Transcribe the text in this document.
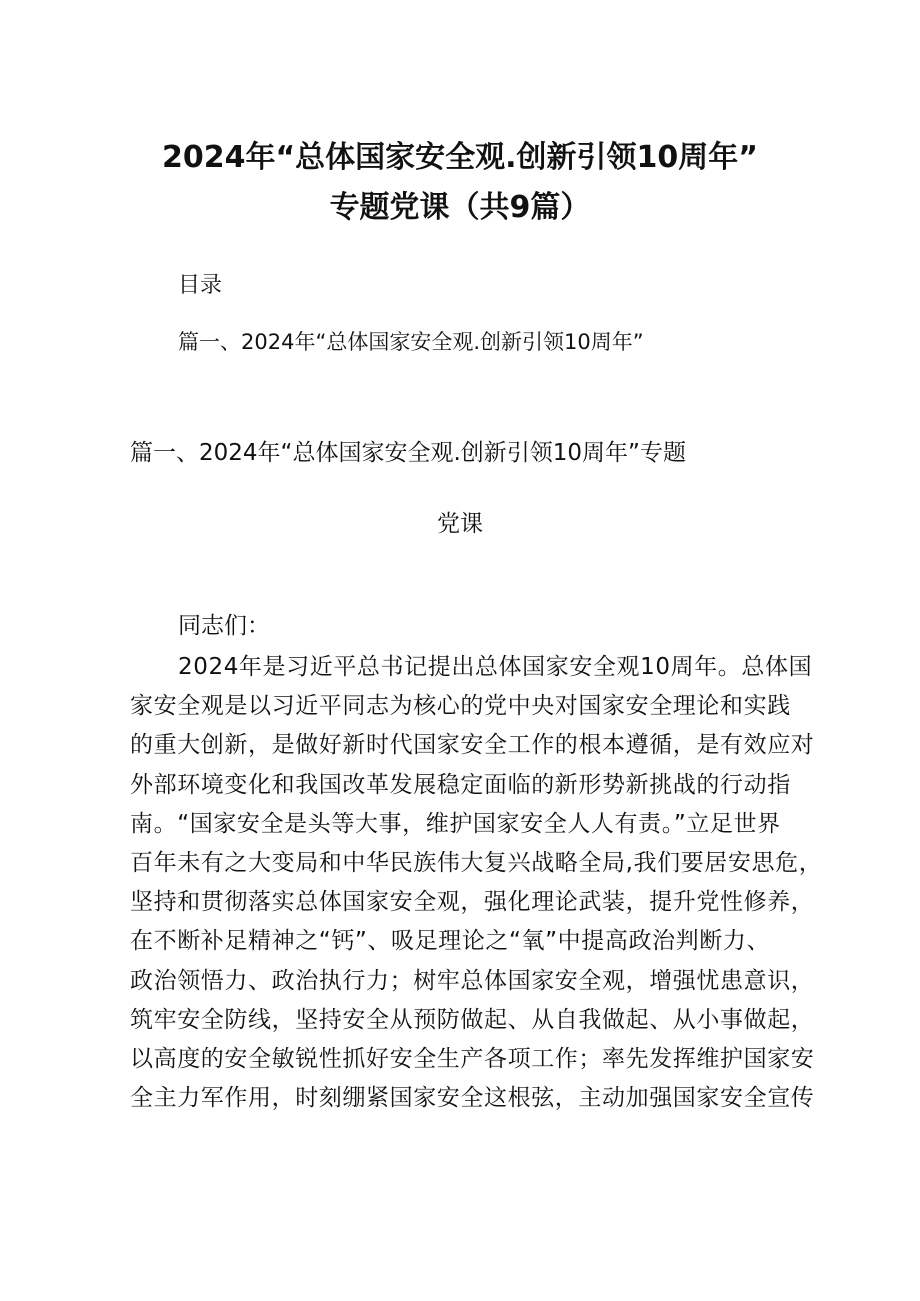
2024年“总体国家安全观.创新引领10周年”
专题党课（共9篇）

目录

篇一、2024年“总体国家安全观.创新引领10周年”

篇一、2024年“总体国家安全观.创新引领10周年”专题

党课

同志们：

2024年是习近平总书记提出总体国家安全观10周年。总体国
家安全观是以习近平同志为核心的党中央对国家安全理论和实践
的重大创新，是做好新时代国家安全工作的根本遵循，是有效应对
外部环境变化和我国改革发展稳定面临的新形势新挑战的行动指
南。“国家安全是头等大事，维护国家安全人人有责。”立足世界
百年未有之大变局和中华民族伟大复兴战略全局,我们要居安思危，
坚持和贯彻落实总体国家安全观，强化理论武装，提升党性修养，
在不断补足精神之“钙”、吸足理论之“氧”中提高政治判断力、
政治领悟力、政治执行力；树牢总体国家安全观，增强忧患意识，
筑牢安全防线，坚持安全从预防做起、从自我做起、从小事做起，
以高度的安全敏锐性抓好安全生产各项工作；率先发挥维护国家安
全主力军作用，时刻绷紧国家安全这根弦，主动加强国家安全宣传
